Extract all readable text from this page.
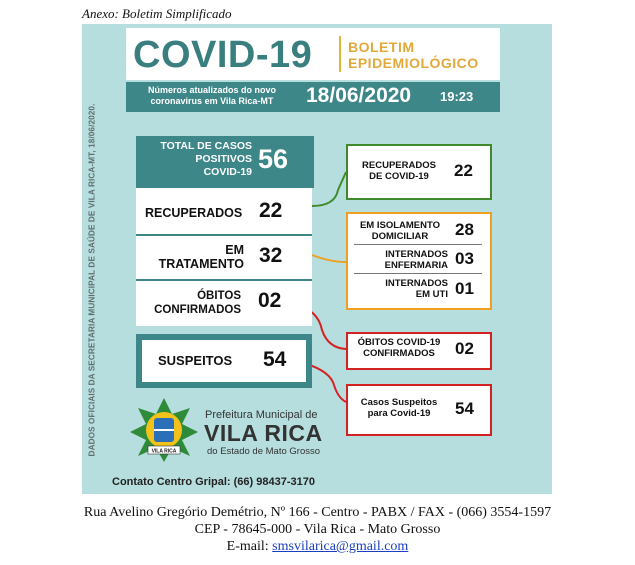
Anexo: Boletim Simplificado
DADOS OFICIAIS DA SECRETARIA MUNICIPAL DE SAÚDE DE VILA RICA-MT, 18/06/2020.
COVID-19	BOLETIM
EPIDEMIOLÓGICO
Números atualizados do novo
coronavirus em Vila Rica-MT	18/06/2020 19:23
TOTAL DE CASOS
POSITIVOS
COVID-19 56
RECUPERADOS 22
EM
TRATAMENTO 32
ÓBITOS
CONFIRMADOS 02
SUSPEITOS 54
RECUPERADOS
DE COVID-19	22
EM ISOLAMENTO
DOMICILIAR	28
INTERNADOS
ENFERMARIA 03
INTERNADOS
EM UTI 01
ÓBITOS COVID-19
CONFIRMADOS	02
Casos Suspeitos
para Covid-19	54
VILA RICA
Prefeitura Municipal de
VILA RICA
do Estado de Mato Grosso
Contato Centro Gripal: (66) 98437-3170
Rua Avelino Gregório Demétrio, Nº 166 - Centro - PABX / FAX - (066) 3554-1597
CEP - 78645-000 - Vila Rica - Mato Grosso
E-mail: smsvilarica@gmail.com
